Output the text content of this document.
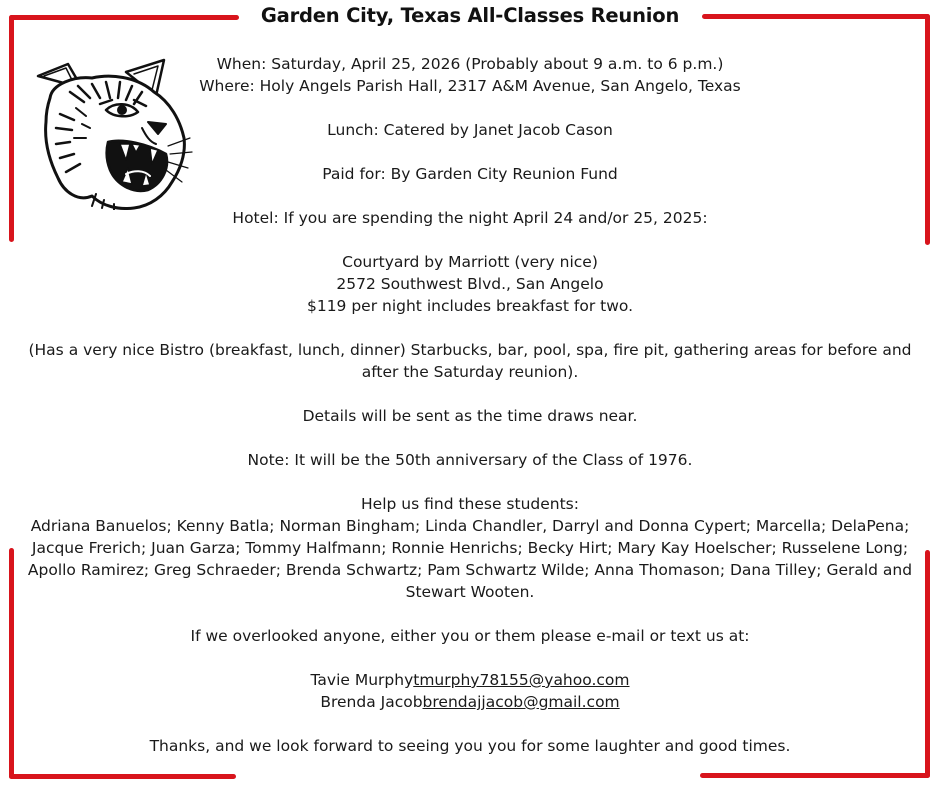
Garden City, Texas All-Classes Reunion

When: Saturday, April 25, 2026 (Probably about 9 a.m. to 6 p.m.)

Where: Holy Angels Parish Hall, 2317 A&M Avenue, San Angelo, Texas

Lunch: Catered by Janet Jacob Cason

Paid for: By Garden City Reunion Fund

Hotel: If you are spending the night April 24 and/or 25, 2025:

Courtyard by Marriott (very nice)

2572 Southwest Blvd., San Angelo

$119 per night includes breakfast for two.

(Has a very nice Bistro (breakfast, lunch, dinner) Starbucks, bar, pool, spa, fire pit, gathering areas for before and after the Saturday reunion).

Details will be sent as the time draws near.

Note: It will be the 50th anniversary of the Class of 1976.

Help us find these students:

Adriana Banuelos; Kenny Batla; Norman Bingham; Linda Chandler, Darryl and Donna Cypert; Marcella; DelaPena; Jacque Frerich; Juan Garza; Tommy Halfmann; Ronnie Henrichs; Becky Hirt; Mary Kay Hoelscher; Russelene Long; Apollo Ramirez; Greg Schraeder; Brenda Schwartz; Pam Schwartz Wilde; Anna Thomason; Dana Tilley; Gerald and Stewart Wooten.

If we overlooked anyone, either you or them please e-mail or text us at:

Tavie Murphytmurphy78155@yahoo.com

Brenda Jacobbrendajjacob@gmail.com

Thanks, and we look forward to seeing you you for some laughter and good times.
